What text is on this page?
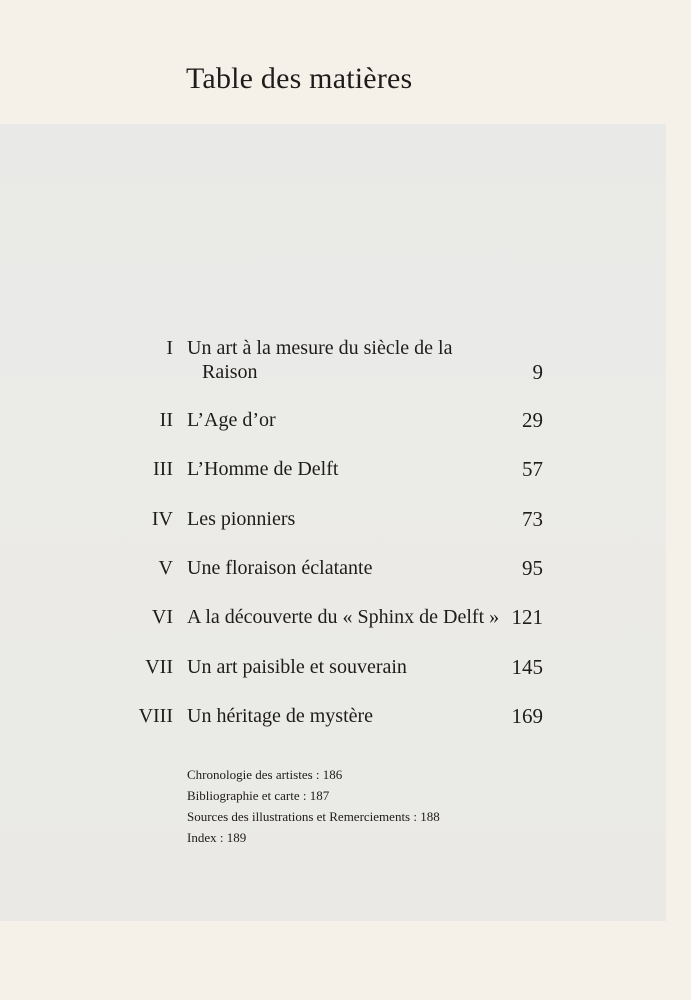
Table des matières
I Un art à la mesure du siècle de la
Raison	9
II L’Age d’or	29
III L’Homme de Delft	57
IV Les pionniers	73
V Une floraison éclatante	95
VI A la découverte du « Sphinx de Delft » 121
VII Un art paisible et souverain	145
VIII Un héritage de mystère	169
Chronologie des artistes : 186
Bibliographie et carte : 187
Sources des illustrations et Remerciements : 188
Index : 189
